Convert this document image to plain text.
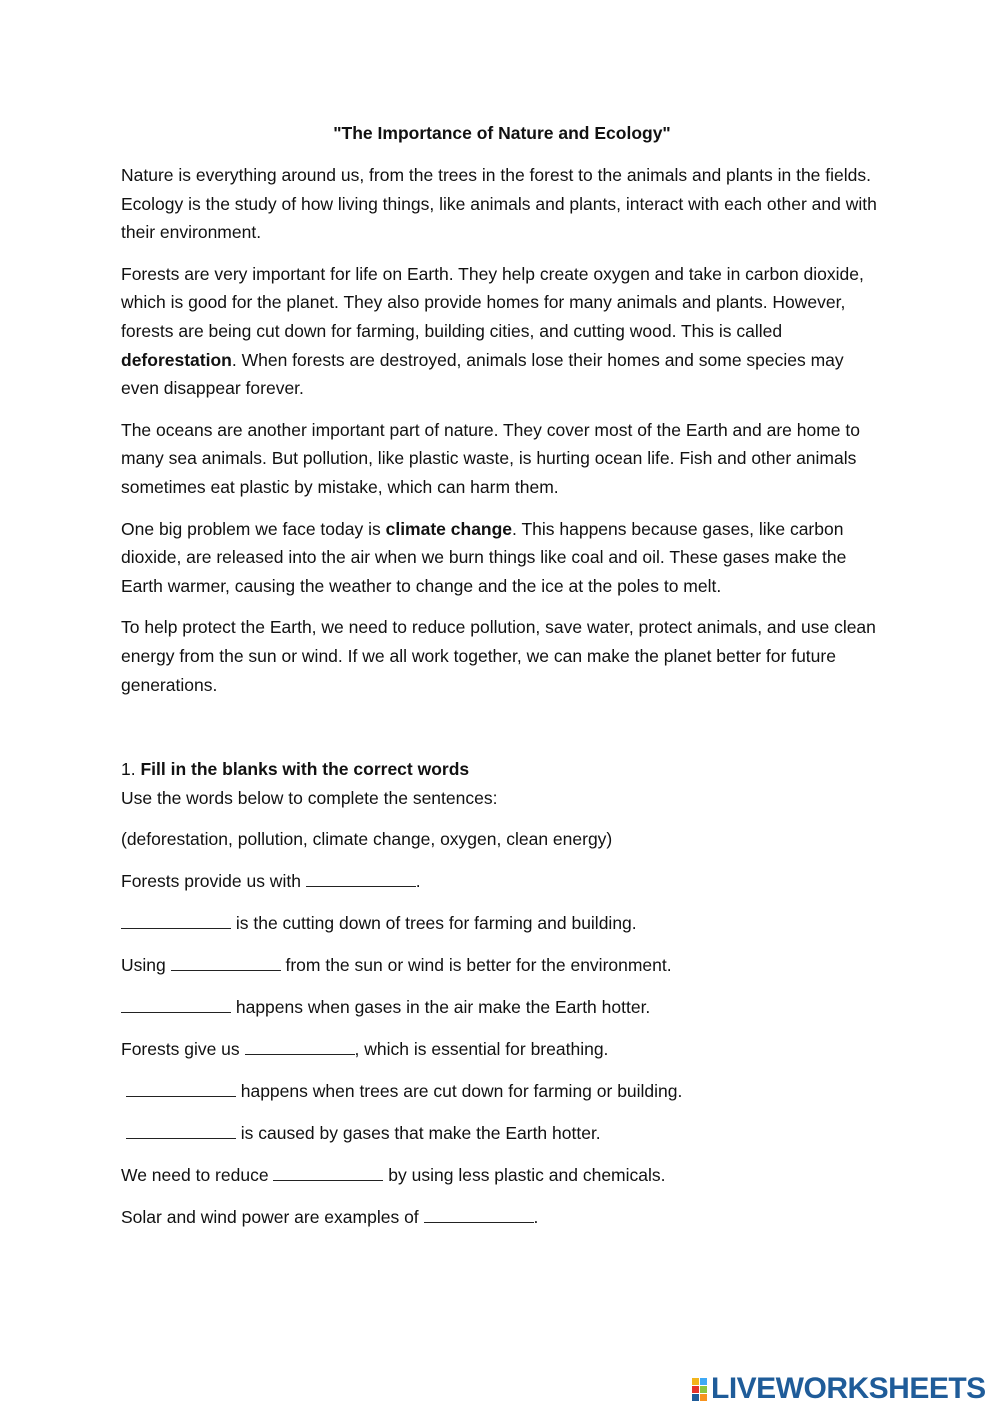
"The Importance of Nature and Ecology"

Nature is everything around us, from the trees in the forest to the animals and plants in the fields. Ecology is the study of how living things, like animals and plants, interact with each other and with their environment.

Forests are very important for life on Earth. They help create oxygen and take in carbon dioxide, which is good for the planet. They also provide homes for many animals and plants. However, forests are being cut down for farming, building cities, and cutting wood. This is called deforestation. When forests are destroyed, animals lose their homes and some species may even disappear forever.

The oceans are another important part of nature. They cover most of the Earth and are home to many sea animals. But pollution, like plastic waste, is hurting ocean life. Fish and other animals sometimes eat plastic by mistake, which can harm them.

One big problem we face today is climate change. This happens because gases, like carbon dioxide, are released into the air when we burn things like coal and oil. These gases make the Earth warmer, causing the weather to change and the ice at the poles to melt.

To help protect the Earth, we need to reduce pollution, save water, protect animals, and use clean energy from the sun or wind. If we all work together, we can make the planet better for future generations.

1. Fill in the blanks with the correct words

Use the words below to complete the sentences:

(deforestation, pollution, climate change, oxygen, clean energy)

Forests provide us with	.
is the cutting down of trees for farming and building.
Using	from the sun or wind is better for the environment.
happens when gases in the air make the Earth hotter.
Forests give us	, which is essential for breathing.
happens when trees are cut down for farming or building.
is caused by gases that make the Earth hotter.
We need to reduce	by using less plastic and chemicals.
Solar and wind power are examples of	.
LIVEWORKSHEETS
